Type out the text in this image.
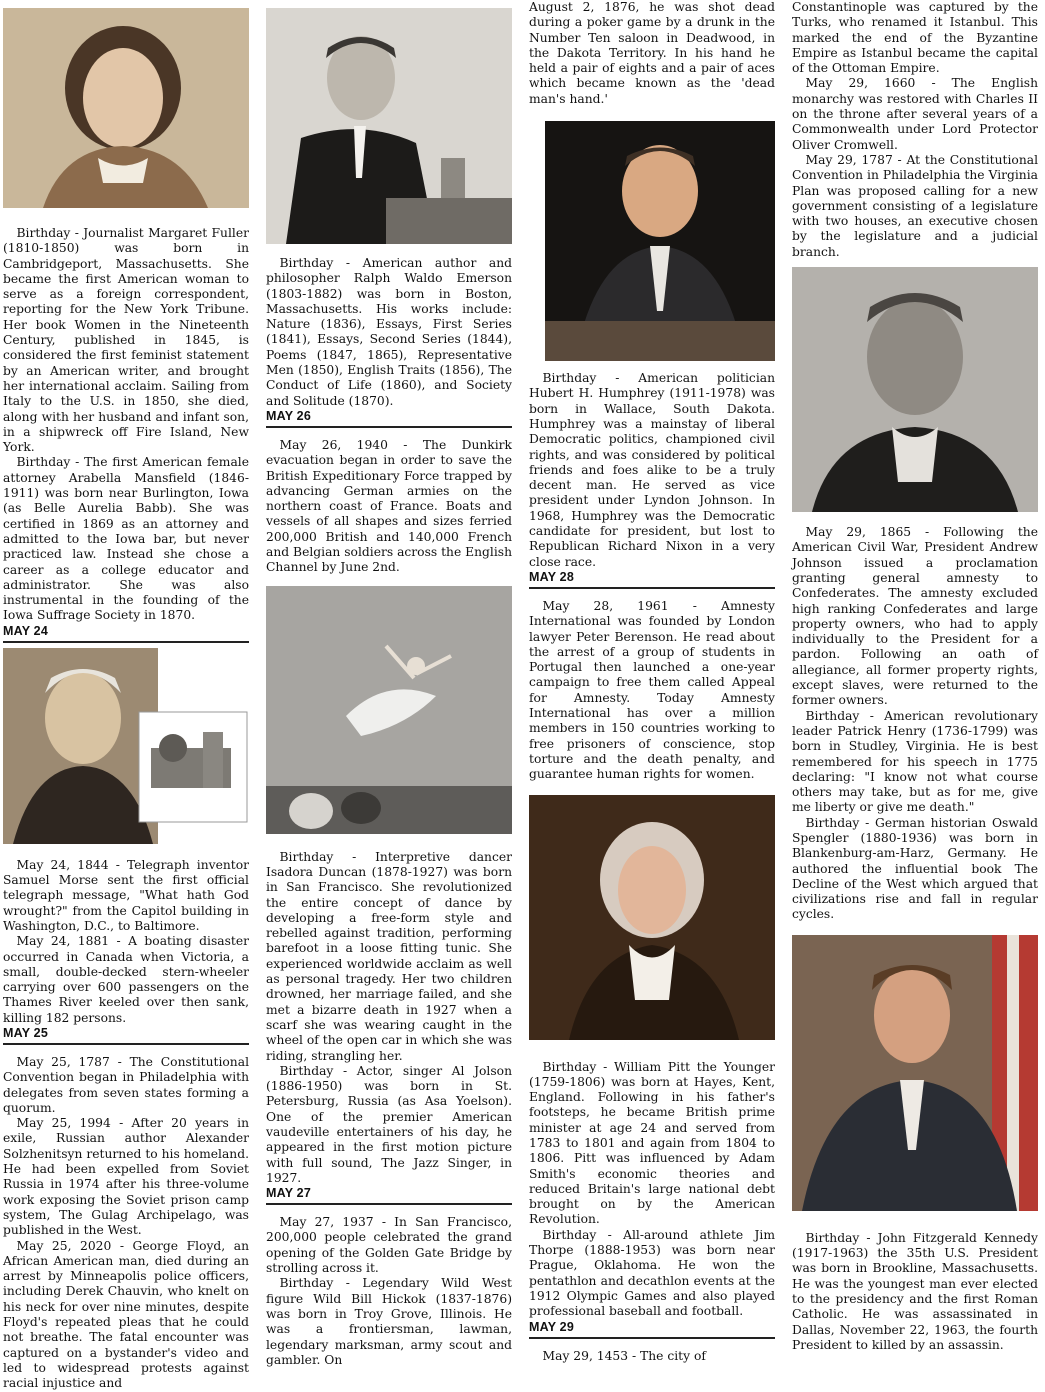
Birthday - Journalist Margaret Fuller (1810-1850) was born in Cambridgeport, Massachusetts. She became the first American woman to serve as a foreign correspondent, reporting for the New York Tribune. Her book Women in the Nineteenth Century, published in 1845, is considered the first feminist statement by an American writer, and brought her international acclaim. Sailing from Italy to the U.S. in 1850, she died, along with her husband and infant son, in a shipwreck off Fire Island, New York.

Birthday - The first American female attorney Arabella Mansfield (1846-1911) was born near Burlington, Iowa (as Belle Aurelia Babb). She was certified in 1869 as an attorney and admitted to the Iowa bar, but never practiced law. Instead she chose a career as a college educator and administrator. She was also instrumental in the founding of the Iowa Suffrage Society in 1870.

MAY 24

May 24, 1844 - Telegraph inventor Samuel Morse sent the first official telegraph message, "What hath God wrought?" from the Capitol building in Washington, D.C., to Baltimore.

May 24, 1881 - A boating disaster occurred in Canada when Victoria, a small, double-decked stern-wheeler carrying over 600 passengers on the Thames River keeled over then sank, killing 182 persons.

MAY 25

May 25, 1787 - The Constitutional Convention began in Philadelphia with delegates from seven states forming a quorum.

May 25, 1994 - After 20 years in exile, Russian author Alexander Solzhenitsyn returned to his homeland. He had been expelled from Soviet Russia in 1974 after his three-volume work exposing the Soviet prison camp system, The Gulag Archipelago, was published in the West.

May 25, 2020 - George Floyd, an African American man, died during an arrest by Minneapolis police officers, including Derek Chauvin, who knelt on his neck for over nine minutes, despite Floyd's repeated pleas that he could not breathe. The fatal encounter was captured on a bystander's video and led to widespread protests against racial injustice and

Birthday - American author and philosopher Ralph Waldo Emerson (1803-1882) was born in Boston, Massachusetts. His works include: Nature (1836), Essays, First Series (1841), Essays, Second Series (1844), Poems (1847, 1865), Representative Men (1850), English Traits (1856), The Conduct of Life (1860), and Society and Solitude (1870).

MAY 26

May 26, 1940 - The Dunkirk evacuation began in order to save the British Expeditionary Force trapped by advancing German armies on the northern coast of France. Boats and vessels of all shapes and sizes ferried 200,000 British and 140,000 French and Belgian soldiers across the English Channel by June 2nd.

Birthday - Interpretive dancer Isadora Duncan (1878-1927) was born in San Francisco. She revolutionized the entire concept of dance by developing a free-form style and rebelled against tradition, performing barefoot in a loose fitting tunic. She experienced worldwide acclaim as well as personal tragedy. Her two children drowned, her marriage failed, and she met a bizarre death in 1927 when a scarf she was wearing caught in the wheel of the open car in which she was riding, strangling her.

Birthday - Actor, singer Al Jolson (1886-1950) was born in St. Petersburg, Russia (as Asa Yoelson). One of the premier American vaudeville entertainers of his day, he appeared in the first motion picture with full sound, The Jazz Singer, in 1927.

MAY 27

May 27, 1937 - In San Francisco, 200,000 people celebrated the grand opening of the Golden Gate Bridge by strolling across it.

Birthday - Legendary Wild West figure Wild Bill Hickok (1837-1876) was born in Troy Grove, Illinois. He was a frontiersman, lawman, legendary marksman, army scout and gambler. On

August 2, 1876, he was shot dead during a poker game by a drunk in the Number Ten saloon in Deadwood, in the Dakota Territory. In his hand he held a pair of eights and a pair of aces which became known as the 'dead man's hand.'

Birthday - American politician Hubert H. Humphrey (1911-1978) was born in Wallace, South Dakota. Humphrey was a mainstay of liberal Democratic politics, championed civil rights, and was considered by political friends and foes alike to be a truly decent man. He served as vice president under Lyndon Johnson. In 1968, Humphrey was the Democratic candidate for president, but lost to Republican Richard Nixon in a very close race.

MAY 28

May 28, 1961 - Amnesty International was founded by London lawyer Peter Berenson. He read about the arrest of a group of students in Portugal then launched a one-year campaign to free them called Appeal for Amnesty. Today Amnesty International has over a million members in 150 countries working to free prisoners of conscience, stop torture and the death penalty, and guarantee human rights for women.

Birthday - William Pitt the Younger (1759-1806) was born at Hayes, Kent, England. Following in his father's footsteps, he became British prime minister at age 24 and served from 1783 to 1801 and again from 1804 to 1806. Pitt was influenced by Adam Smith's economic theories and reduced Britain's large national debt brought on by the American Revolution.

Birthday - All-around athlete Jim Thorpe (1888-1953) was born near Prague, Oklahoma. He won the pentathlon and decathlon events at the 1912 Olympic Games and also played professional baseball and football.

MAY 29

May 29, 1453 - The city of

Constantinople was captured by the Turks, who renamed it Istanbul. This marked the end of the Byzantine Empire as Istanbul became the capital of the Ottoman Empire.

May 29, 1660 - The English monarchy was restored with Charles II on the throne after several years of a Commonwealth under Lord Protector Oliver Cromwell.

May 29, 1787 - At the Constitutional Convention in Philadelphia the Virginia Plan was proposed calling for a new government consisting of a legislature with two houses, an executive chosen by the legislature and a judicial branch.

May 29, 1865 - Following the American Civil War, President Andrew Johnson issued a proclamation granting general amnesty to Confederates. The amnesty excluded high ranking Confederates and large property owners, who had to apply individually to the President for a pardon. Following an oath of allegiance, all former property rights, except slaves, were returned to the former owners.

Birthday - American revolutionary leader Patrick Henry (1736-1799) was born in Studley, Virginia. He is best remembered for his speech in 1775 declaring: "I know not what course others may take, but as for me, give me liberty or give me death."

Birthday - German historian Oswald Spengler (1880-1936) was born in Blankenburg-am-Harz, Germany. He authored the influential book The Decline of the West which argued that civilizations rise and fall in regular cycles.

Birthday - John Fitzgerald Kennedy (1917-1963) the 35th U.S. President was born in Brookline, Massachusetts. He was the youngest man ever elected to the presidency and the first Roman Catholic. He was assassinated in Dallas, November 22, 1963, the fourth President to killed by an assassin.
